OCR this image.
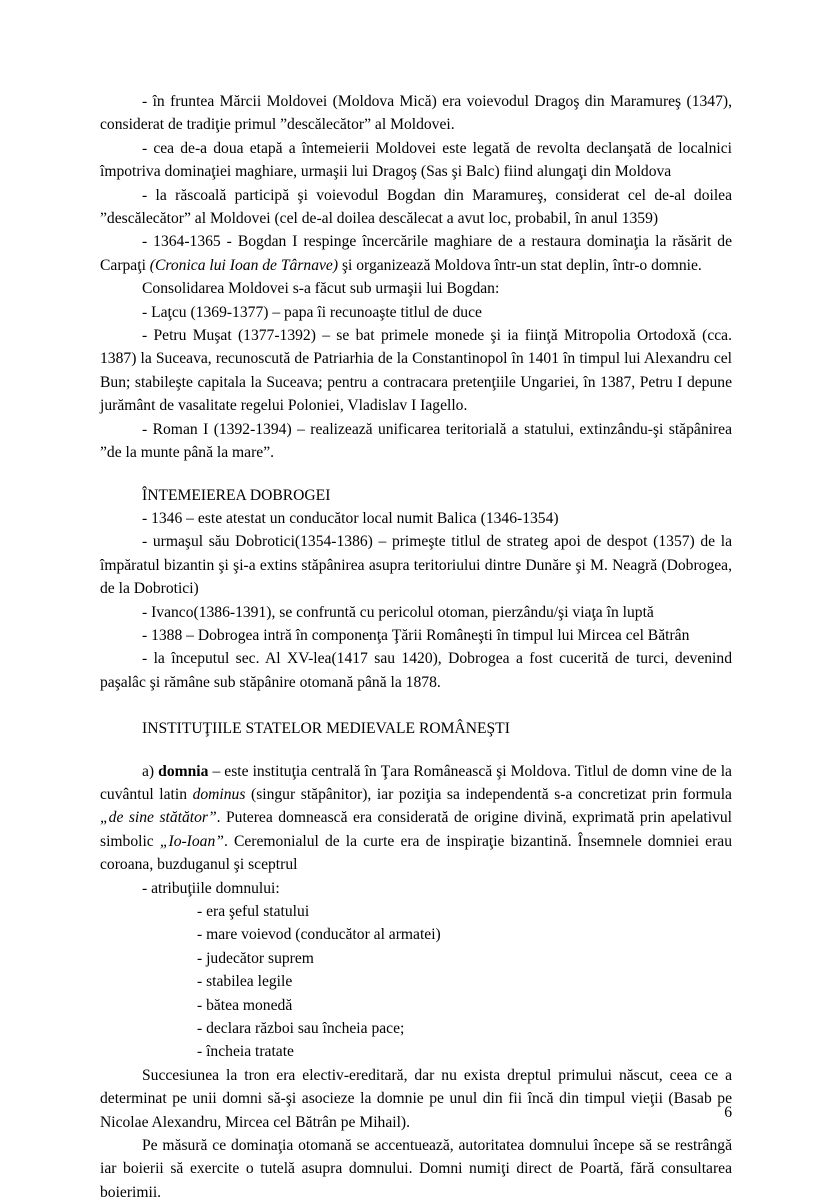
- în fruntea Mărcii Moldovei (Moldova Mică) era voievodul Dragoş din Maramureş (1347), considerat de tradiţie primul ”descălecător” al Moldovei.

- cea de-a doua etapă a întemeierii Moldovei este legată de revolta declanşată de localnici împotriva dominaţiei maghiare, urmaşii lui Dragoş (Sas şi Balc) fiind alungaţi din Moldova

- la răscoală participă şi voievodul Bogdan din Maramureş, considerat cel de-al doilea ”descălecător” al Moldovei (cel de-al doilea descălecat a avut loc, probabil, în anul 1359)

- 1364-1365 - Bogdan I respinge încercările maghiare de a restaura dominaţia la răsărit de Carpaţi (Cronica lui Ioan de Târnave) şi organizează Moldova într-un stat deplin, într-o domnie.

Consolidarea Moldovei s-a făcut sub urmaşii lui Bogdan:

- Laţcu (1369-1377) – papa îi recunoaşte titlul de duce

- Petru Muşat (1377-1392) – se bat primele monede şi ia fiinţă Mitropolia Ortodoxă (cca. 1387) la Suceava, recunoscută de Patriarhia de la Constantinopol în 1401 în timpul lui Alexandru cel Bun; stabileşte capitala la Suceava; pentru a contracara pretenţiile Ungariei, în 1387, Petru I depune jurământ de vasalitate regelui Poloniei, Vladislav I Iagello.

- Roman I (1392-1394) – realizează unificarea teritorială a statului, extinzându-şi stăpânirea ”de la munte până la mare”.

ÎNTEMEIEREA DOBROGEI

- 1346 – este atestat un conducător local numit Balica (1346-1354)

- urmaşul său Dobrotici(1354-1386) – primeşte titlul de strateg apoi de despot (1357) de la împăratul bizantin şi şi-a extins stăpânirea asupra teritoriului dintre Dunăre şi M. Neagră (Dobrogea, de la Dobrotici)

- Ivanco(1386-1391), se confruntă cu pericolul otoman, pierzându/şi viaţa în luptă

- 1388 – Dobrogea intră în componenţa Ţării Româneşti în timpul lui Mircea cel Bătrân

- la începutul sec. Al XV-lea(1417 sau 1420), Dobrogea a fost cucerită de turci, devenind paşalâc şi rămâne sub stăpânire otomană până la 1878.

INSTITUŢIILE STATELOR MEDIEVALE ROMÂNEŞTI

a) domnia – este instituţia centrală în Ţara Românească şi Moldova. Titlul de domn vine de la cuvântul latin dominus (singur stăpânitor), iar poziţia sa independentă s-a concretizat prin formula „de sine stătător”. Puterea domnească era considerată de origine divină, exprimată prin apelativul simbolic „Io-Ioan”. Ceremonialul de la curte era de inspiraţie bizantină. Însemnele domniei erau coroana, buzduganul şi sceptrul

- atribuţiile domnului:

- era şeful statului
- mare voievod (conducător al armatei)
- judecător suprem
- stabilea legile
- bătea monedă
- declara război sau încheia pace;
- încheia tratate

Succesiunea la tron era electiv-ereditară, dar nu exista dreptul primului născut, ceea ce a determinat pe unii domni să-şi asocieze la domnie pe unul din fii încă din timpul vieţii (Basab pe Nicolae Alexandru, Mircea cel Bătrân pe Mihail).

Pe măsură ce dominaţia otomană se accentuează, autoritatea domnului începe să se restrângă iar boierii să exercite o tutelă asupra domnului. Domni numiţi direct de Poartă, fără consultarea boierimii.

6
